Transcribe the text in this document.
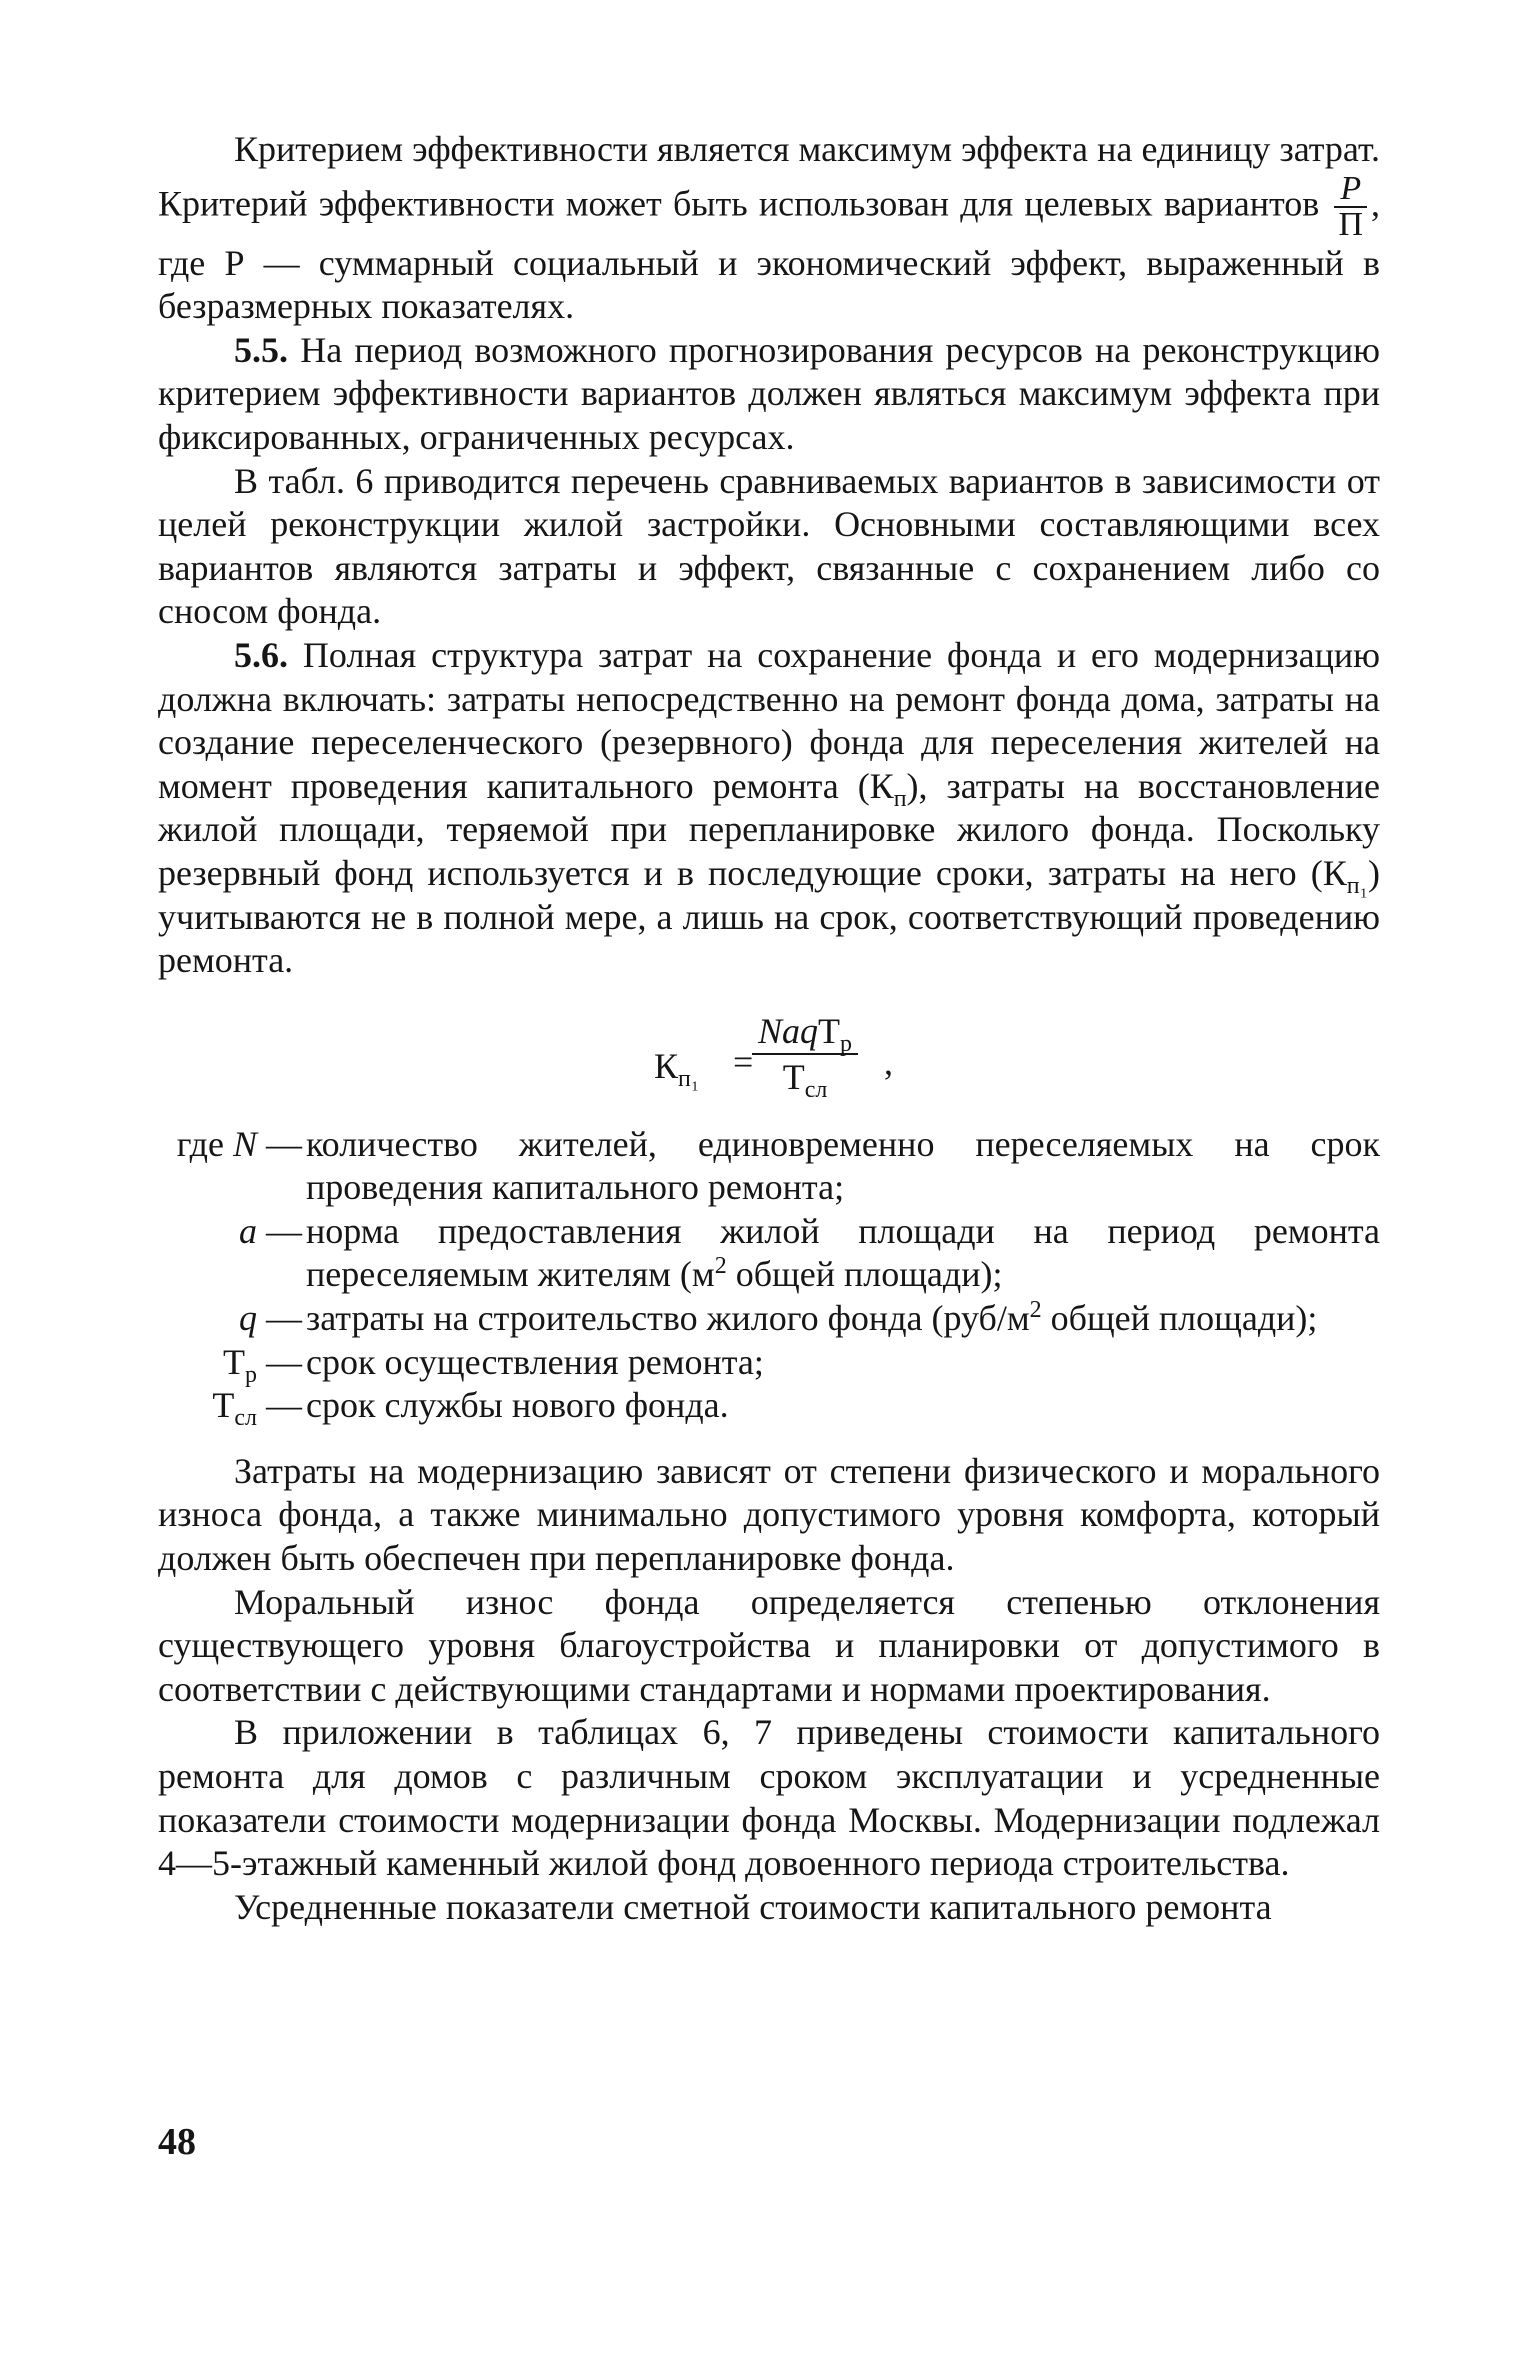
Критерием эффективности является максимум эффекта на единицу затрат. Критерий эффективности может быть использован для целевых вариантов $\frac{P}{П}$ , где Р — суммарный социальный и экономический эффект, выраженный в безразмерных показателях.

5.5. На период возможного прогнозирования ресурсов на реконструкцию критерием эффективности вариантов должен являться максимум эффекта при фиксированных, ограниченных ресурсах.

В табл. 6 приводится перечень сравниваемых вариантов в зависимости от целей реконструкции жилой застройки. Основными составляющими всех вариантов являются затраты и эффект, связанные с сохранением либо со сносом фонда.

5.6. Полная структура затрат на сохранение фонда и его модернизацию должна включать: затраты непосредственно на ремонт фонда дома, затраты на создание переселенческого (резервного) фонда для переселения жителей на момент проведения капитального ремонта $(К_п)$, затраты на восстановление жилой площади, теряемой при перепланировке жилого фонда. Поскольку резервный фонд используется и в последующие сроки, затраты на него $(К_{п_1})$ учитываются не в полной мере, а лишь на срок, соответствующий проведению ремонта.

$К_{п_1}$ =
NaqТ$_р$
$Т_{сл}$
,
где N — количество жителей, единовременно переселяемых на срок проведения капитального ремонта;
a — норма предоставления жилой площади на период ремонта переселяемым жителям ($м^2$ общей площади);
q — затраты на строительство жилого фонда ($руб/м^2$ общей площади);
$Т_р$ — срок осуществления ремонта;
$Т_{сл}$ — срок службы нового фонда.

Затраты на модернизацию зависят от степени физического и морального износа фонда, а также минимально допустимого уровня комфорта, который должен быть обеспечен при перепланировке фонда.

Моральный износ фонда определяется степенью отклонения существующего уровня благоустройства и планировки от допустимого в соответствии с действующими стандартами и нормами проектирования.

В приложении в таблицах 6, 7 приведены стоимости капитального ремонта для домов с различным сроком эксплуатации и усредненные показатели стоимости модернизации фонда Москвы. Модернизации подлежал 4—5-этажный каменный жилой фонд довоенного периода строительства.

Усредненные показатели сметной стоимости капитального ремонта

48
